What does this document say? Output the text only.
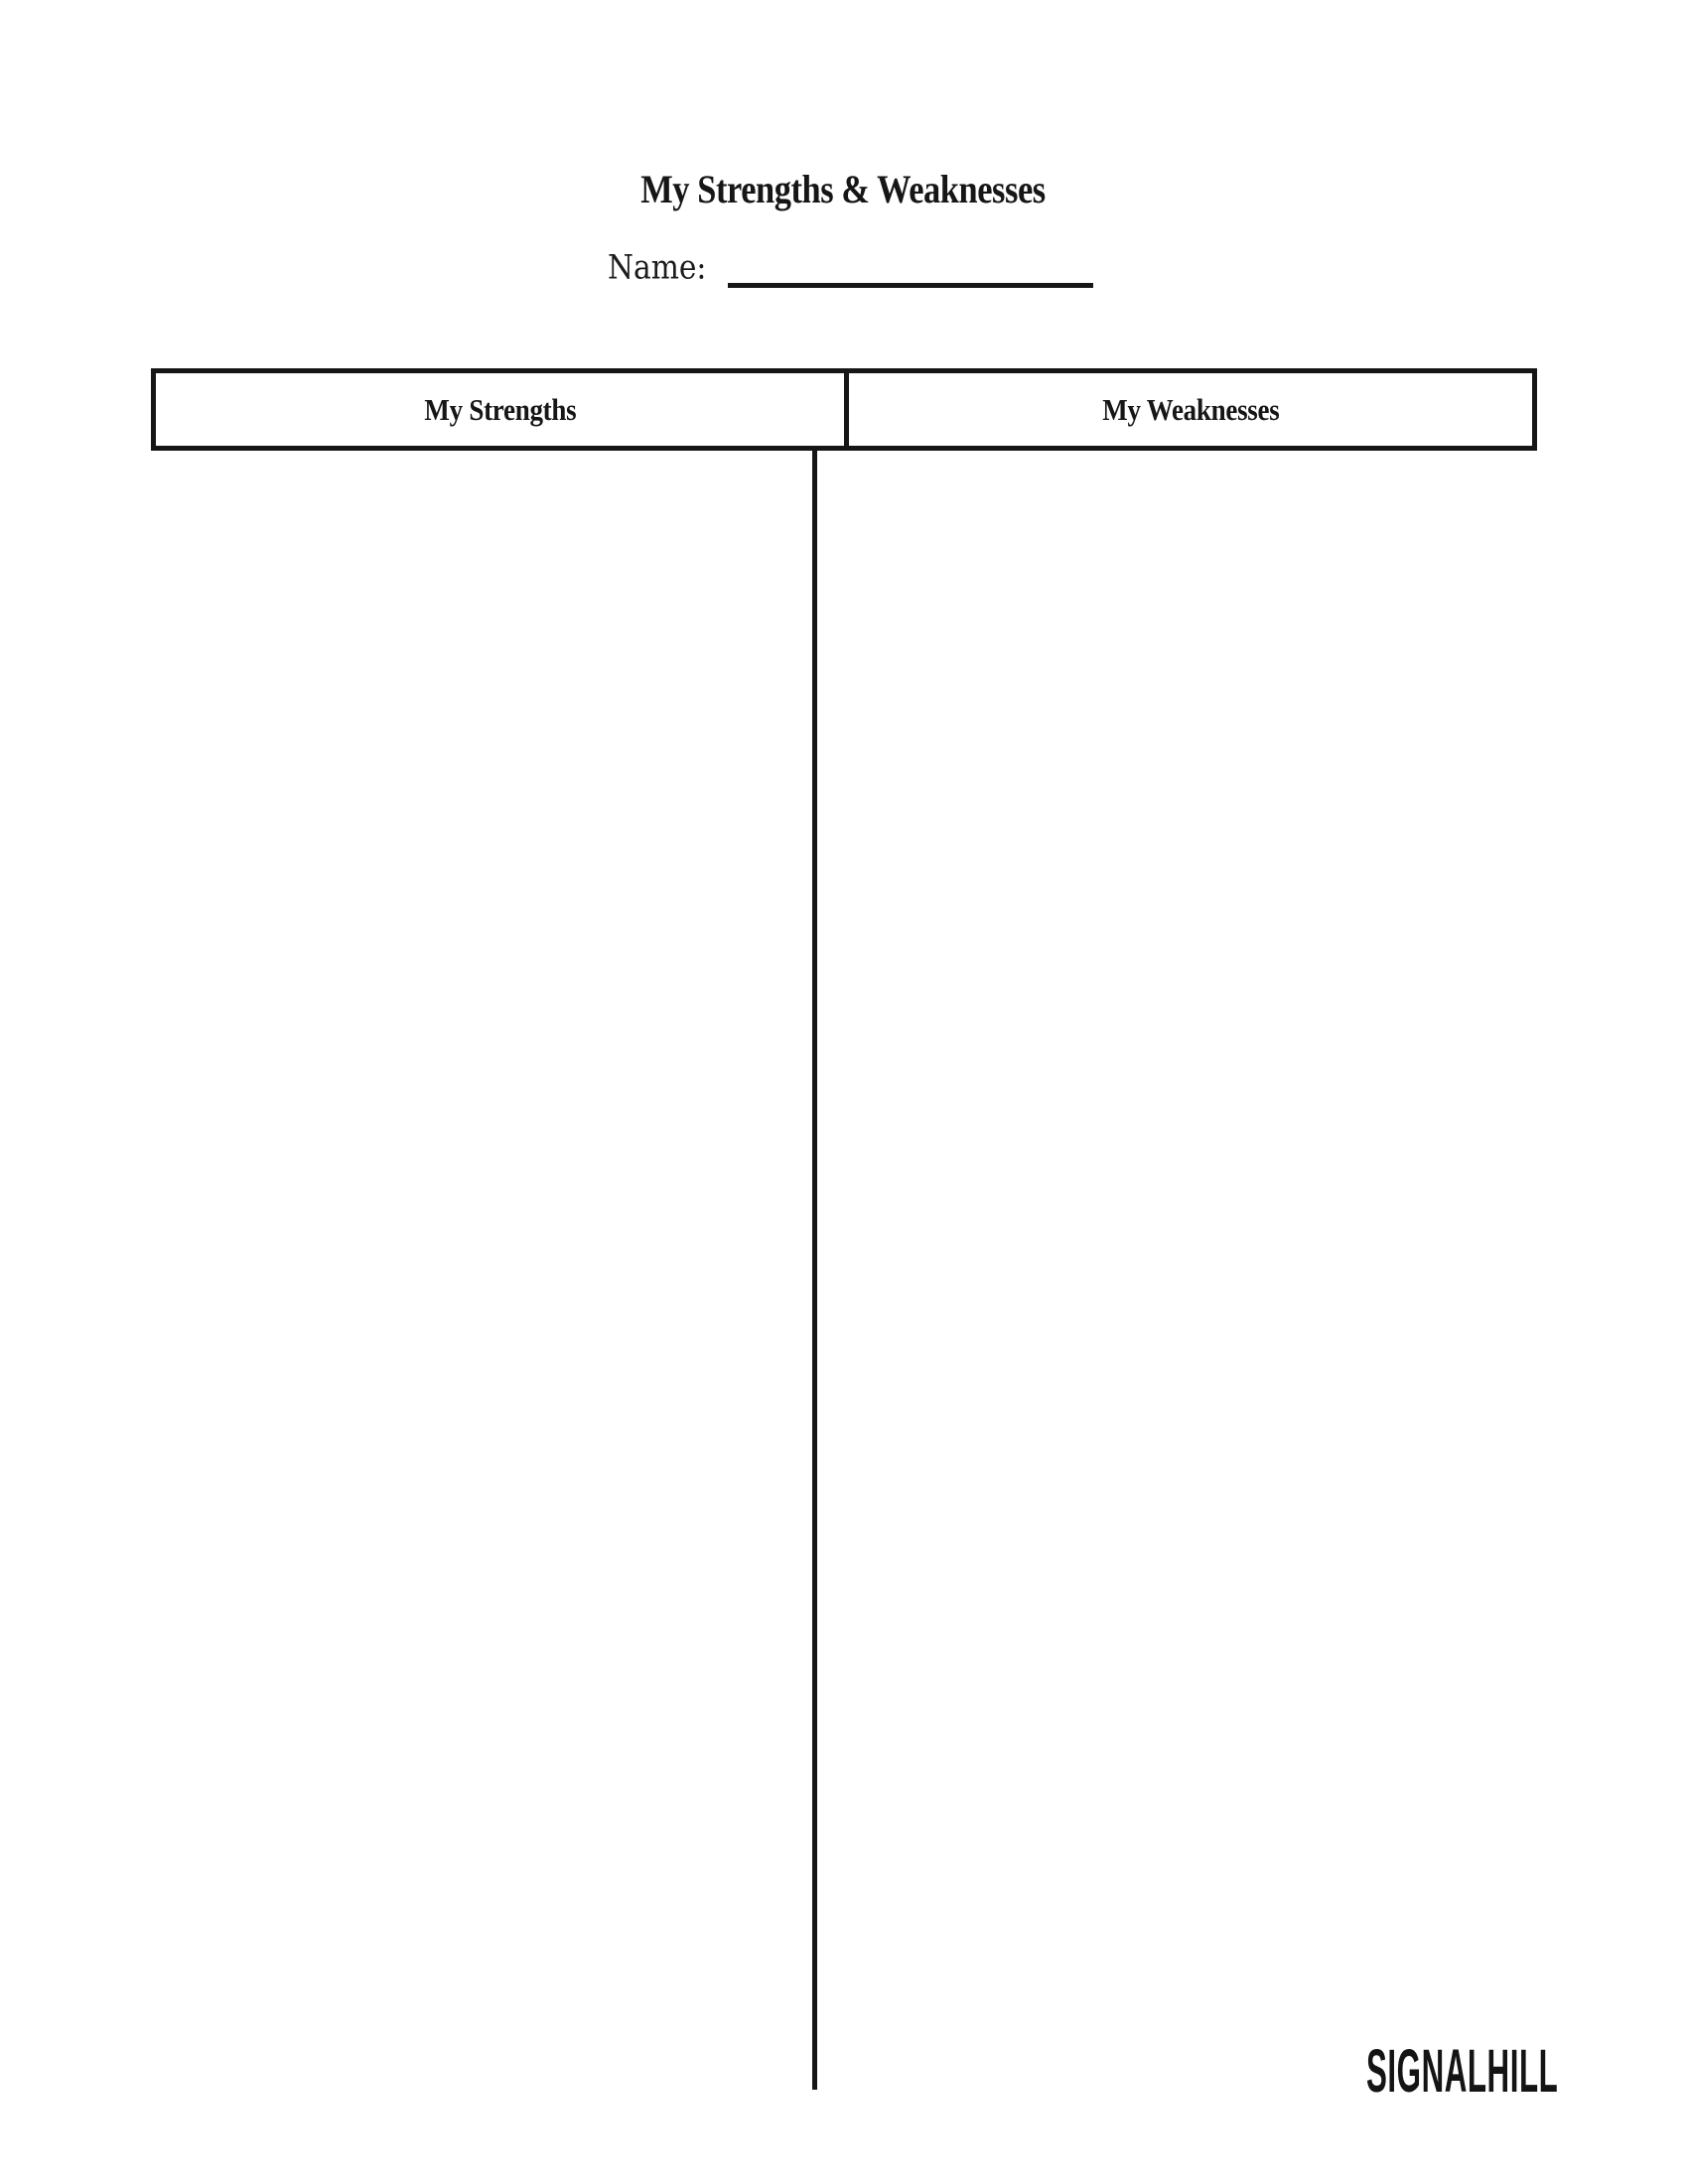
My Strengths & Weaknesses
Name:
My Strengths	My Weaknesses
SIGNALHILL
